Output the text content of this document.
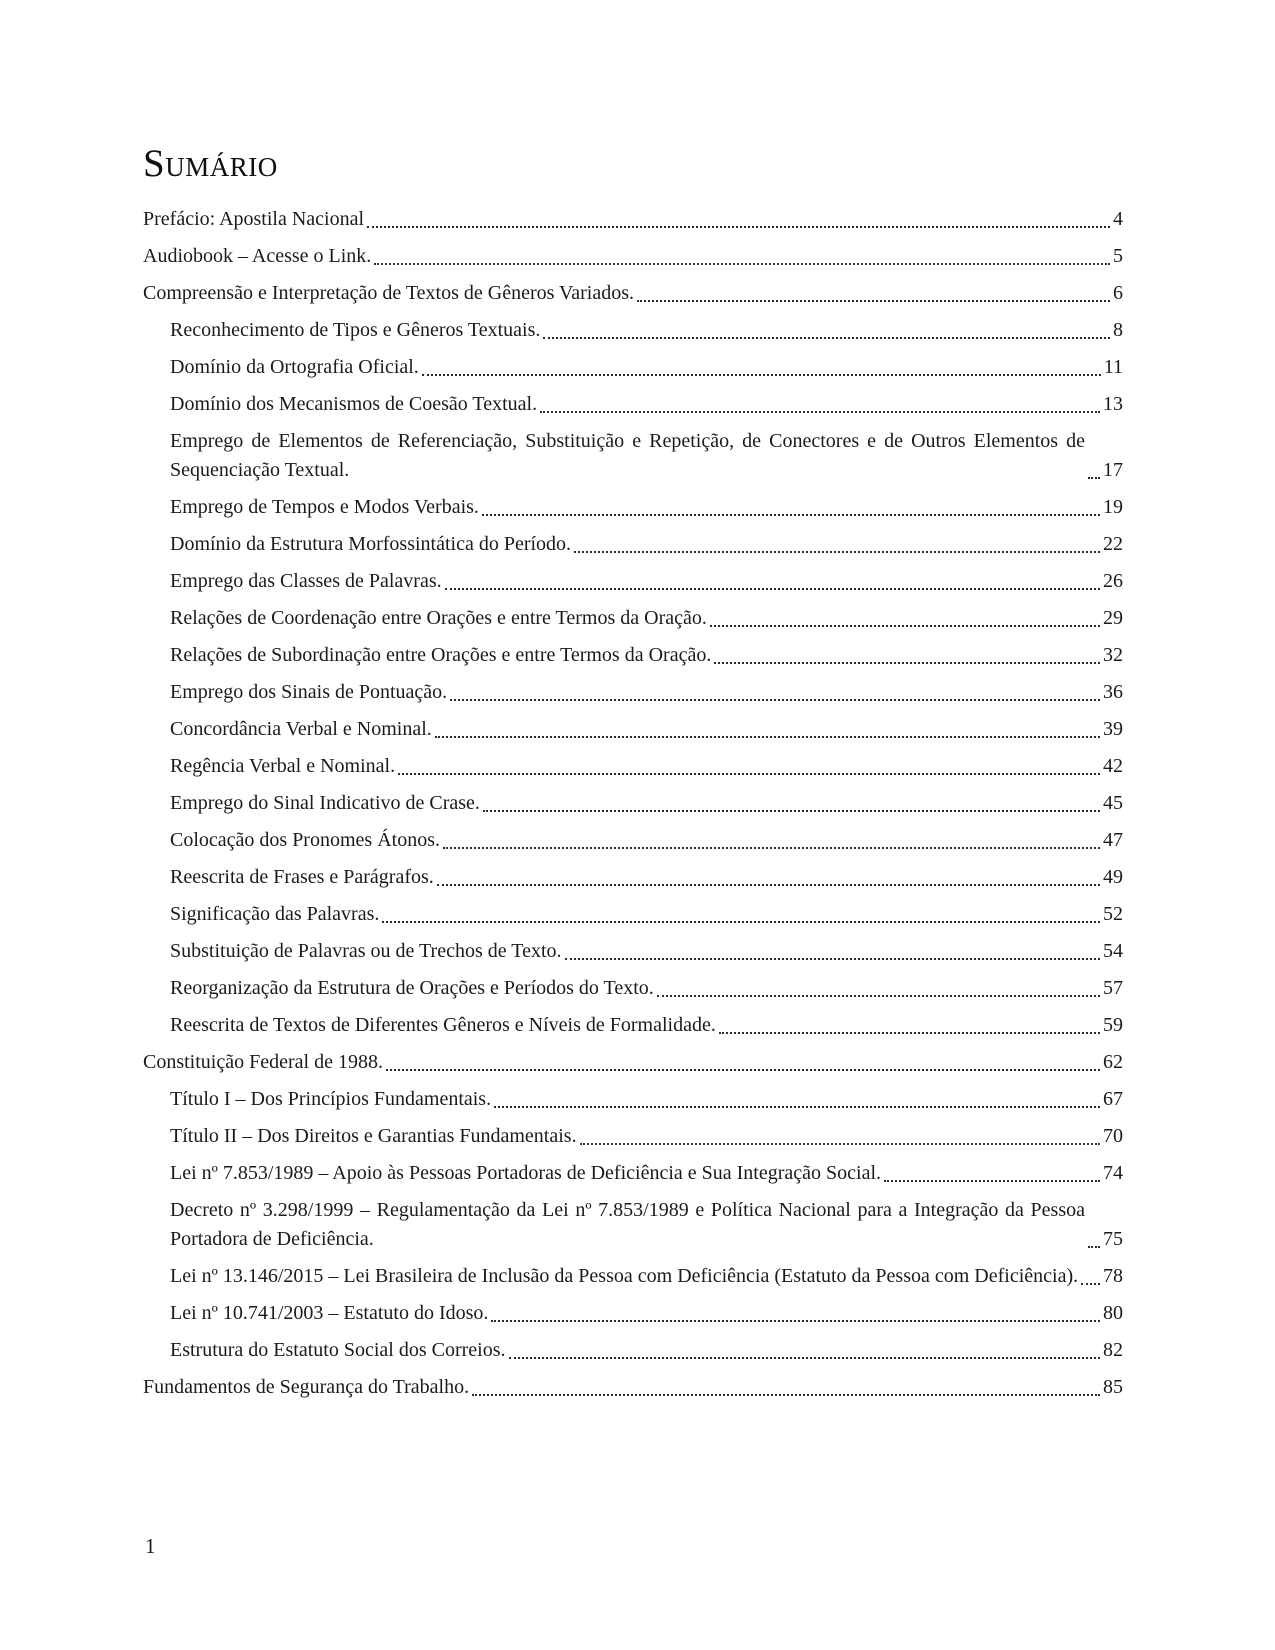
Sumário
Prefácio: Apostila Nacional	4
Audiobook – Acesse o Link.	5
Compreensão e Interpretação de Textos de Gêneros Variados.	6
Reconhecimento de Tipos e Gêneros Textuais.	8
Domínio da Ortografia Oficial.	11
Domínio dos Mecanismos de Coesão Textual.	13
Emprego de Elementos de Referenciação, Substituição e Repetição, de Conectores e de Outros Elementos de Sequenciação Textual.	17
Emprego de Tempos e Modos Verbais.	19
Domínio da Estrutura Morfossintática do Período.	22
Emprego das Classes de Palavras.	26
Relações de Coordenação entre Orações e entre Termos da Oração.	29
Relações de Subordinação entre Orações e entre Termos da Oração.	32
Emprego dos Sinais de Pontuação.	36
Concordância Verbal e Nominal.	39
Regência Verbal e Nominal.	42
Emprego do Sinal Indicativo de Crase.	45
Colocação dos Pronomes Átonos.	47
Reescrita de Frases e Parágrafos.	49
Significação das Palavras.	52
Substituição de Palavras ou de Trechos de Texto.	54
Reorganização da Estrutura de Orações e Períodos do Texto.	57
Reescrita de Textos de Diferentes Gêneros e Níveis de Formalidade.	59
Constituição Federal de 1988.	62
Título I – Dos Princípios Fundamentais.	67
Título II – Dos Direitos e Garantias Fundamentais.	70
Lei nº 7.853/1989 – Apoio às Pessoas Portadoras de Deficiência e Sua Integração Social.	74
Decreto nº 3.298/1999 – Regulamentação da Lei nº 7.853/1989 e Política Nacional para a Integração da Pessoa Portadora de Deficiência.	75
Lei nº 13.146/2015 – Lei Brasileira de Inclusão da Pessoa com Deficiência (Estatuto da Pessoa com Deficiência). 78
Lei nº 10.741/2003 – Estatuto do Idoso.	80
Estrutura do Estatuto Social dos Correios.	82
Fundamentos de Segurança do Trabalho.	85
1
